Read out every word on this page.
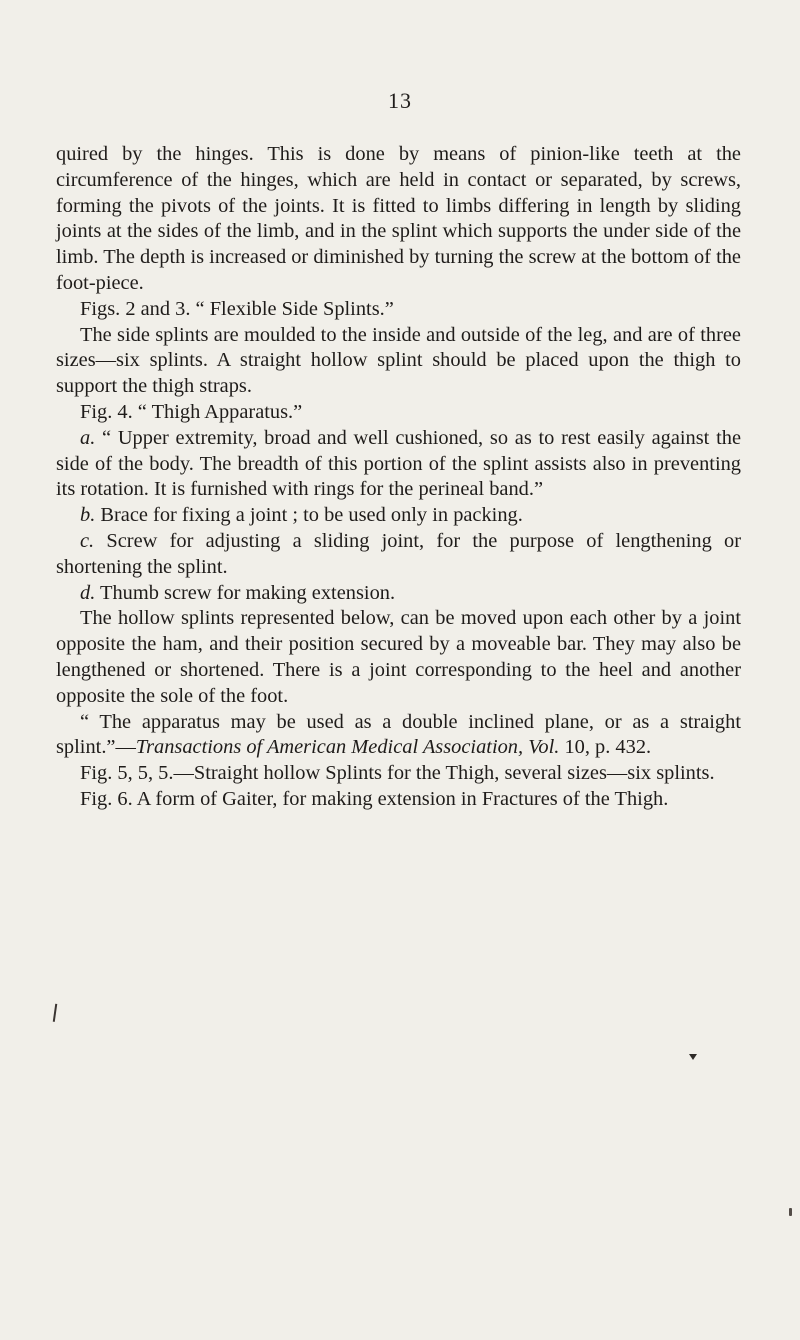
13

quired by the hinges. This is done by means of pinion-like teeth at the circumference of the hinges, which are held in contact or separated, by screws, forming the pivots of the joints. It is fitted to limbs differing in length by sliding joints at the sides of the limb, and in the splint which supports the under side of the limb. The depth is increased or diminished by turning the screw at the bottom of the foot-piece.

Figs. 2 and 3. “ Flexible Side Splints.”

The side splints are moulded to the inside and outside of the leg, and are of three sizes—six splints. A straight hollow splint should be placed upon the thigh to support the thigh straps.

Fig. 4. “ Thigh Apparatus.”

a. “ Upper extremity, broad and well cushioned, so as to rest easily against the side of the body. The breadth of this portion of the splint assists also in preventing its rotation. It is furnished with rings for the perineal band.”

b. Brace for fixing a joint ; to be used only in packing.

c. Screw for adjusting a sliding joint, for the purpose of lengthening or shortening the splint.

d. Thumb screw for making extension.

The hollow splints represented below, can be moved upon each other by a joint opposite the ham, and their position secured by a moveable bar. They may also be lengthened or shortened. There is a joint corresponding to the heel and another opposite the sole of the foot.

“ The apparatus may be used as a double inclined plane, or as a straight splint.”—Transactions of American Medical Association, Vol. 10, p. 432.

Fig. 5, 5, 5.—Straight hollow Splints for the Thigh, several sizes—six splints.

Fig. 6. A form of Gaiter, for making extension in Fractures of the Thigh.
